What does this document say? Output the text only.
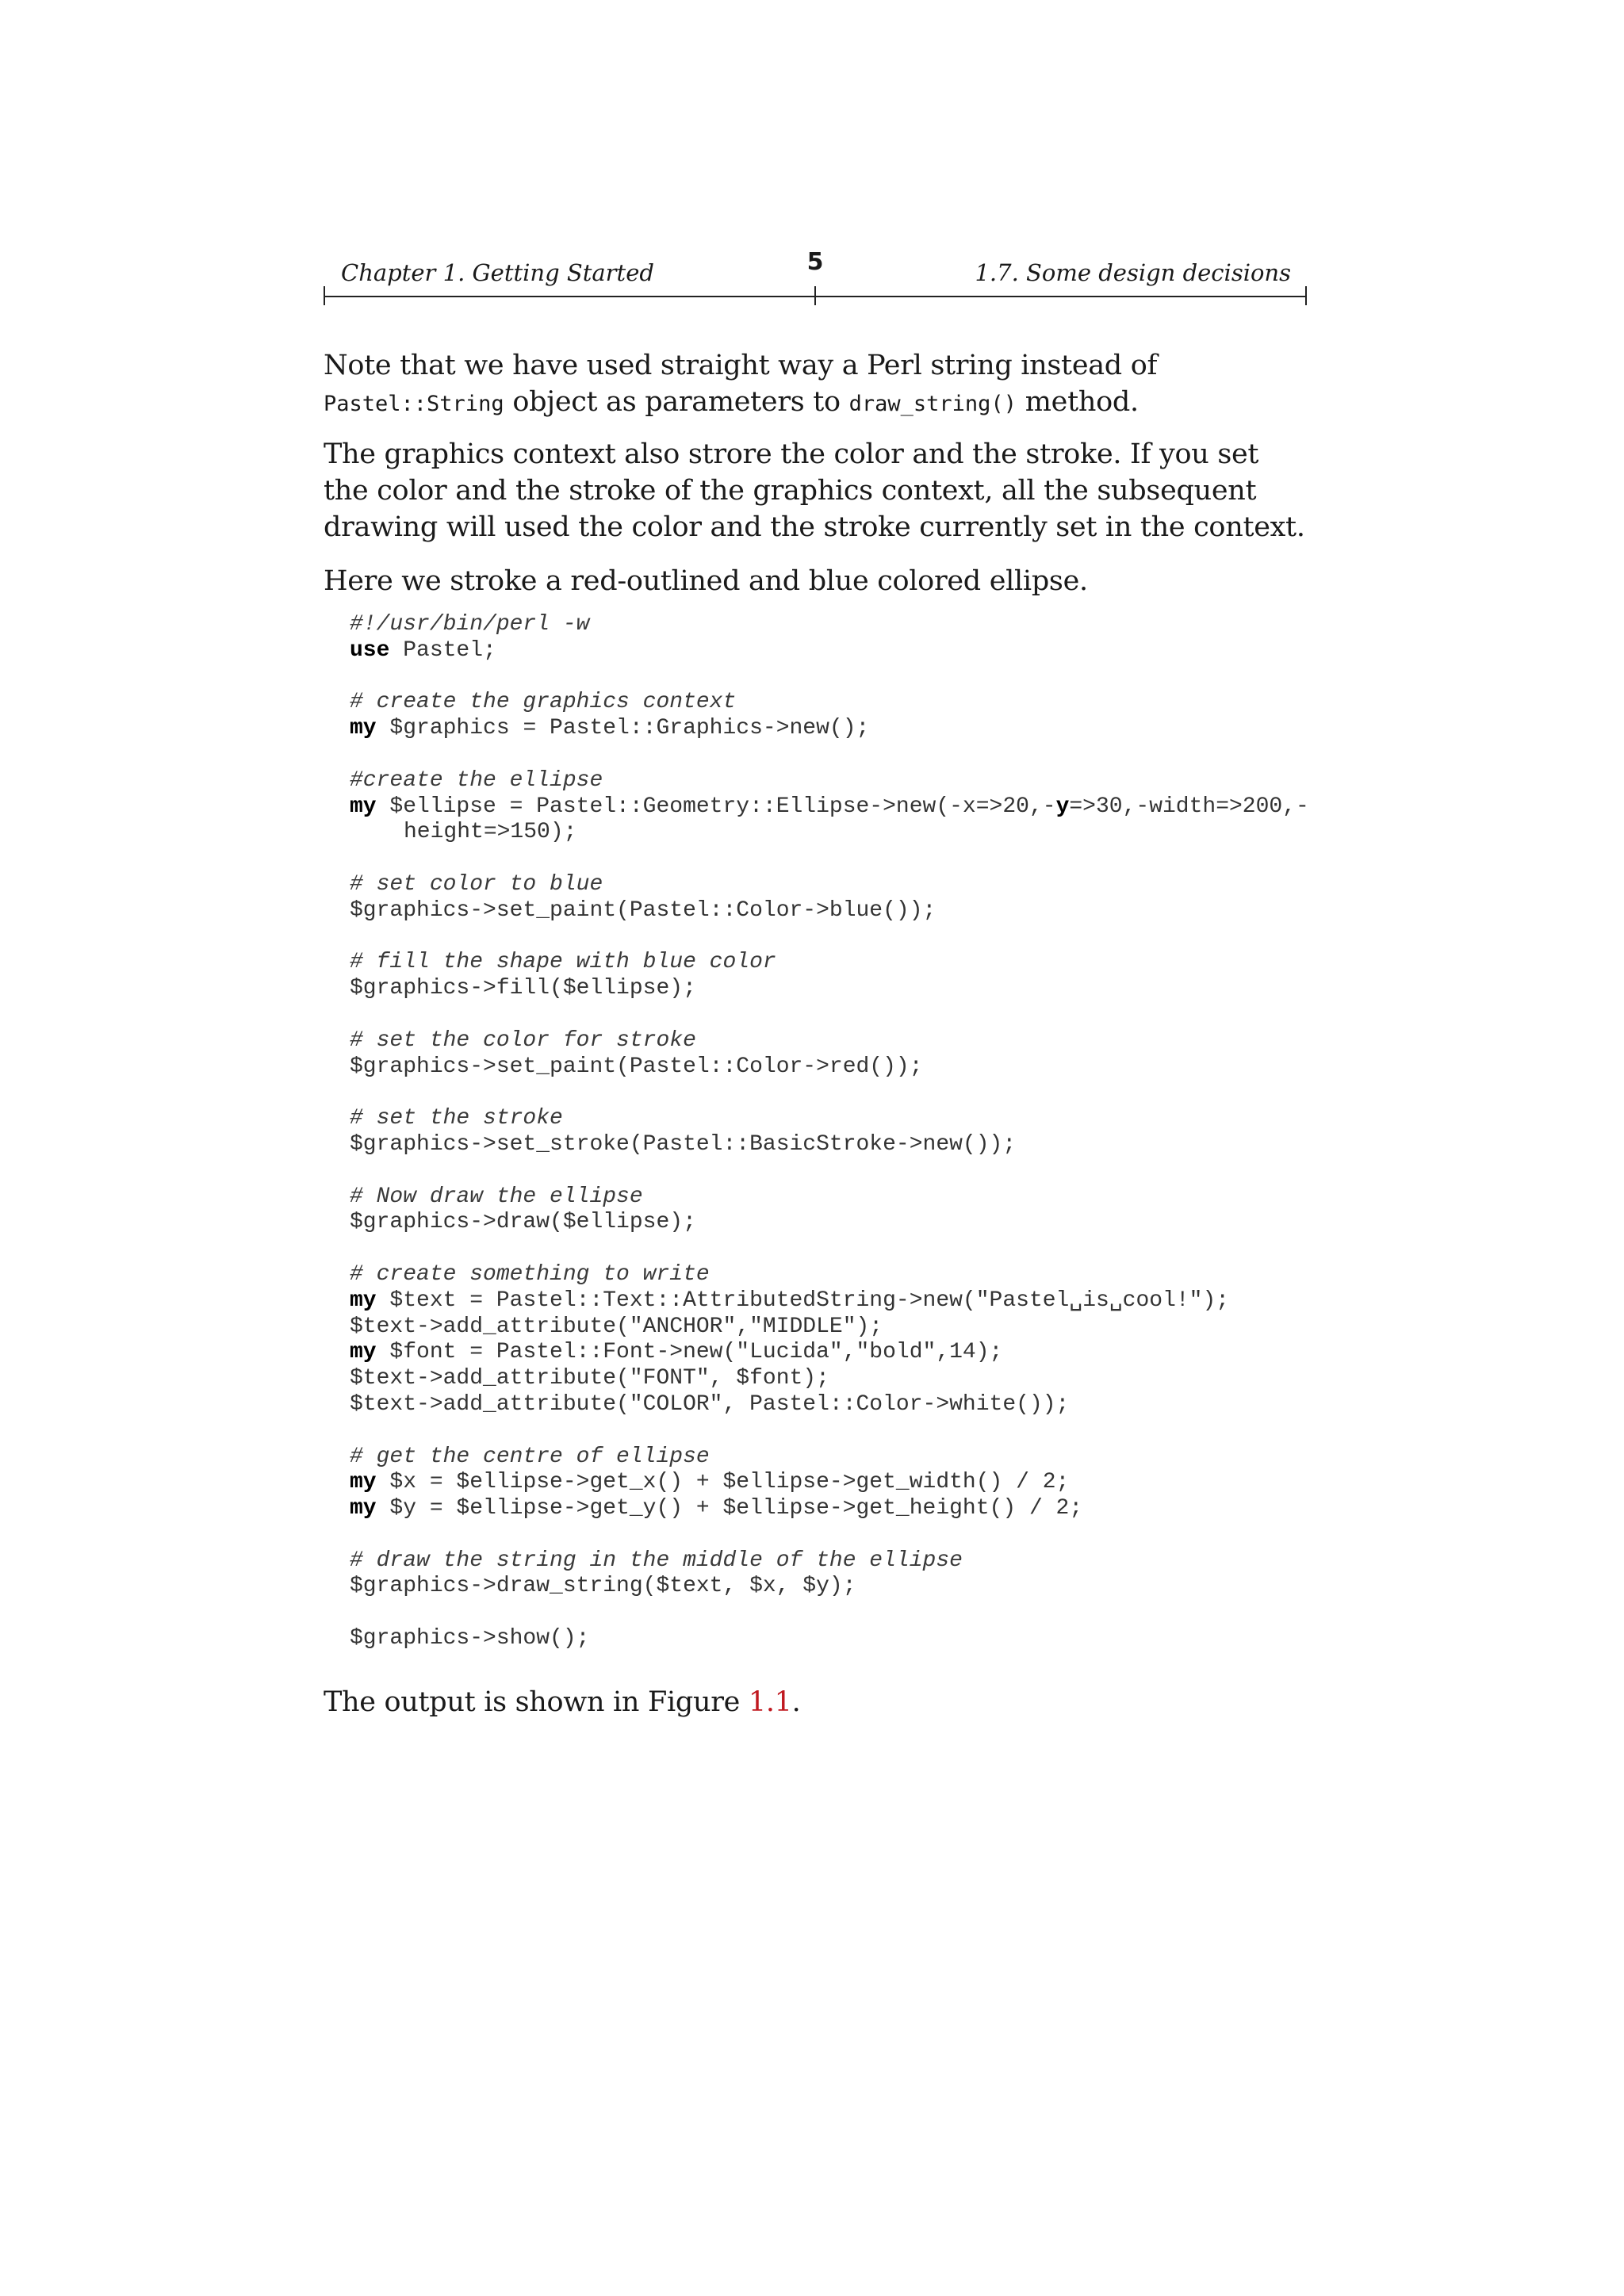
Chapter 1. Getting Started	5	1.7. Some design decisions

Note that we have used straight way a Perl string instead of Pastel::String object as parameters to draw_string() method.

The graphics context also strore the color and the stroke. If you set the color and the stroke of the graphics context, all the subsequent drawing will used the color and the stroke currently set in the context.

Here we stroke a red-outlined and blue colored ellipse.

#!/usr/bin/perl -w
use Pastel;

# create the graphics context
my $graphics = Pastel::Graphics->new();

#create the ellipse
my $ellipse = Pastel::Geometry::Ellipse->new(-x=>20,-y=>30,-width=>200,-
height=>150);

# set color to blue
$graphics->set_paint(Pastel::Color->blue());

# fill the shape with blue color
$graphics->fill($ellipse);

# set the color for stroke
$graphics->set_paint(Pastel::Color->red());

# set the stroke
$graphics->set_stroke(Pastel::BasicStroke->new());

# Now draw the ellipse
$graphics->draw($ellipse);

# create something to write
my $text = Pastel::Text::AttributedString->new("Pastel␣is␣cool!");
$text->add_attribute("ANCHOR","MIDDLE");
my $font = Pastel::Font->new("Lucida","bold",14);
$text->add_attribute("FONT", $font);
$text->add_attribute("COLOR", Pastel::Color->white());

# get the centre of ellipse
my $x = $ellipse->get_x() + $ellipse->get_width() / 2;
my $y = $ellipse->get_y() + $ellipse->get_height() / 2;

# draw the string in the middle of the ellipse
$graphics->draw_string($text, $x, $y);

$graphics->show();

The output is shown in Figure 1.1.
